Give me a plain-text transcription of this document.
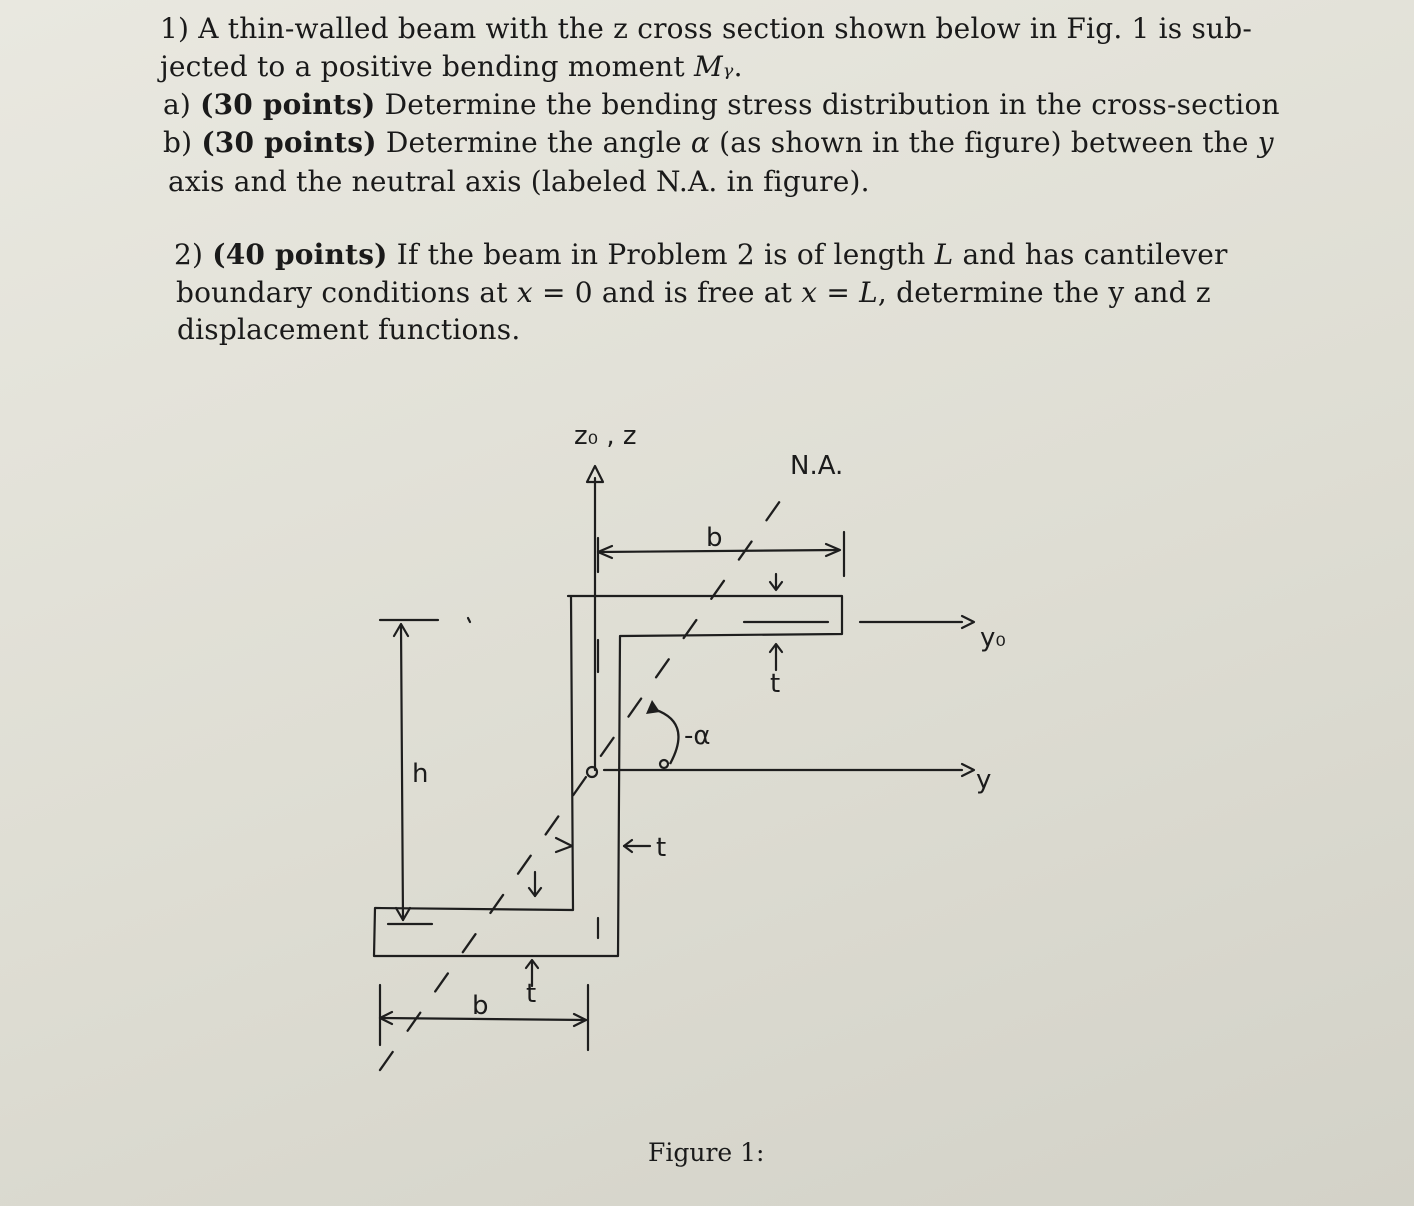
1) A thin-walled beam with the z cross section shown below in Fig. 1 is sub-
jected to a positive bending moment Mᵧ.
a) (30 points) Determine the bending stress distribution in the cross-section
b) (30 points) Determine the angle α (as shown in the figure) between the y
axis and the neutral axis (labeled N.A. in figure).
2) (40 points) If the beam in Problem 2 is of length L and has cantilever
boundary conditions at x = 0 and is free at x = L, determine the y and z
displacement functions.
z₀ , z
N.A.
b
y₀
y
h
-α
t
t
t
b
Figure 1:
